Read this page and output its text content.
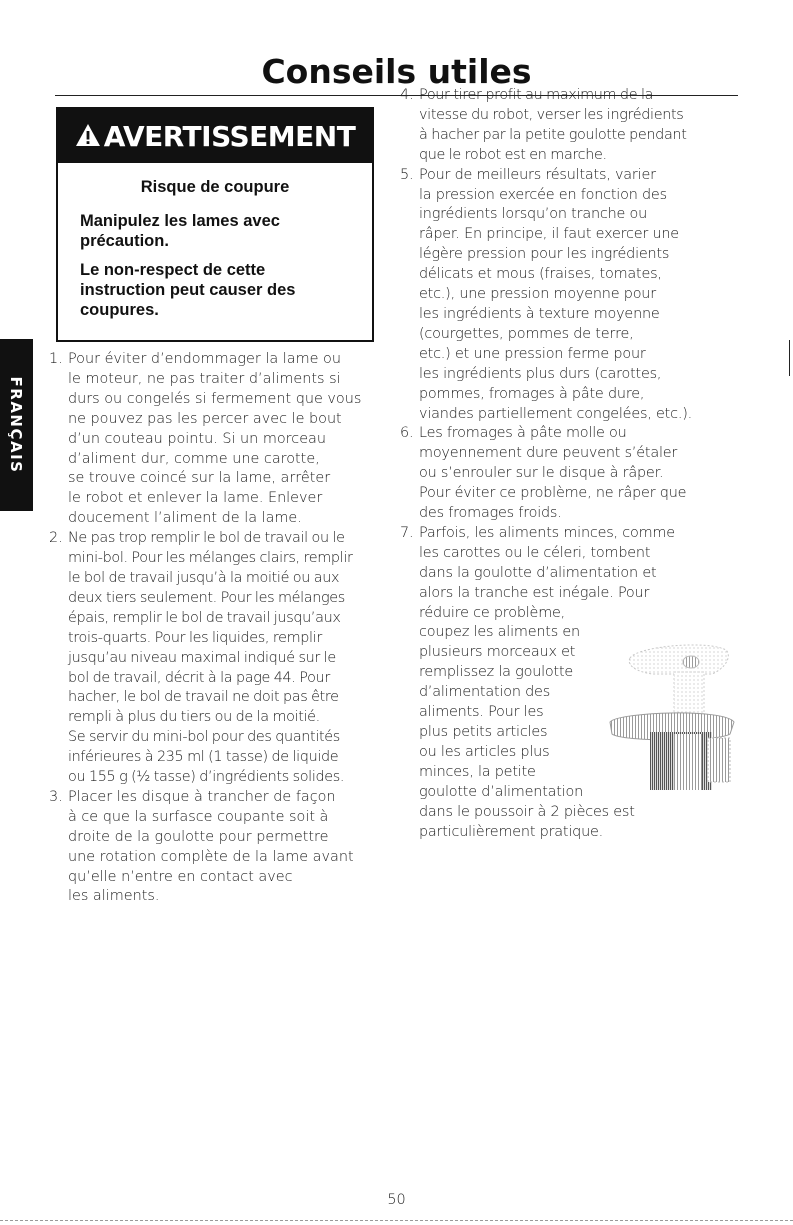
Conseils utiles
AVERTISSEMENT
Risque de coupure

Manipulez les lames avec précaution.

Le non-respect de cette instruction peut causer des coupures.

FRANÇAIS
1. Pour éviter d’endommager la lame ou
le moteur, ne pas traiter d’aliments si
durs ou congelés si fermement que vous
ne pouvez pas les percer avec le bout
d’un couteau pointu. Si un morceau
d’aliment dur, comme une carotte,
se trouve coincé sur la lame, arrêter
le robot et enlever la lame. Enlever
doucement l’aliment de la lame.
2. Ne pas trop remplir le bol de travail ou le
mini-bol. Pour les mélanges clairs, remplir
le bol de travail jusqu’à la moitié ou aux
deux tiers seulement. Pour les mélanges
épais, remplir le bol de travail jusqu’aux
trois-quarts. Pour les liquides, remplir
jusqu’au niveau maximal indiqué sur le
bol de travail, décrit à la page 44. Pour
hacher, le bol de travail ne doit pas être
rempli à plus du tiers ou de la moitié.
Se servir du mini-bol pour des quantités
inférieures à 235 ml (1 tasse) de liquide
ou 155 g (½ tasse) d’ingrédients solides.
3. Placer les disque à trancher de façon
à ce que la surfasce coupante soit à
droite de la goulotte pour permettre
une rotation complète de la lame avant
qu’elle n’entre en contact avec
les aliments.
4. Pour tirer profit au maximum de la
vitesse du robot, verser les ingrédients
à hacher par la petite goulotte pendant
que le robot est en marche.
5. Pour de meilleurs résultats, varier
la pression exercée en fonction des
ingrédients lorsqu’on tranche ou
râper. En principe, il faut exercer une
légère pression pour les ingrédients
délicats et mous (fraises, tomates,
etc.), une pression moyenne pour
les ingrédients à texture moyenne
(courgettes, pommes de terre,
etc.) et une pression ferme pour
les ingrédients plus durs (carottes,
pommes, fromages à pâte dure,
viandes partiellement congelées, etc.).
6. Les fromages à pâte molle ou
moyennement dure peuvent s’étaler
ou s’enrouler sur le disque à râper.
Pour éviter ce problème, ne râper que
des fromages froids.
7. Parfois, les aliments minces, comme
les carottes ou le céleri, tombent
dans la goulotte d’alimentation et
alors la tranche est inégale. Pour
réduire ce problème,
coupez les aliments en
plusieurs morceaux et
remplissez la goulotte
d’alimentation des
aliments. Pour les
plus petits articles
ou les articles plus
minces, la petite
goulotte d’alimentation
dans le poussoir à 2 pièces est
particulièrement pratique.
50
